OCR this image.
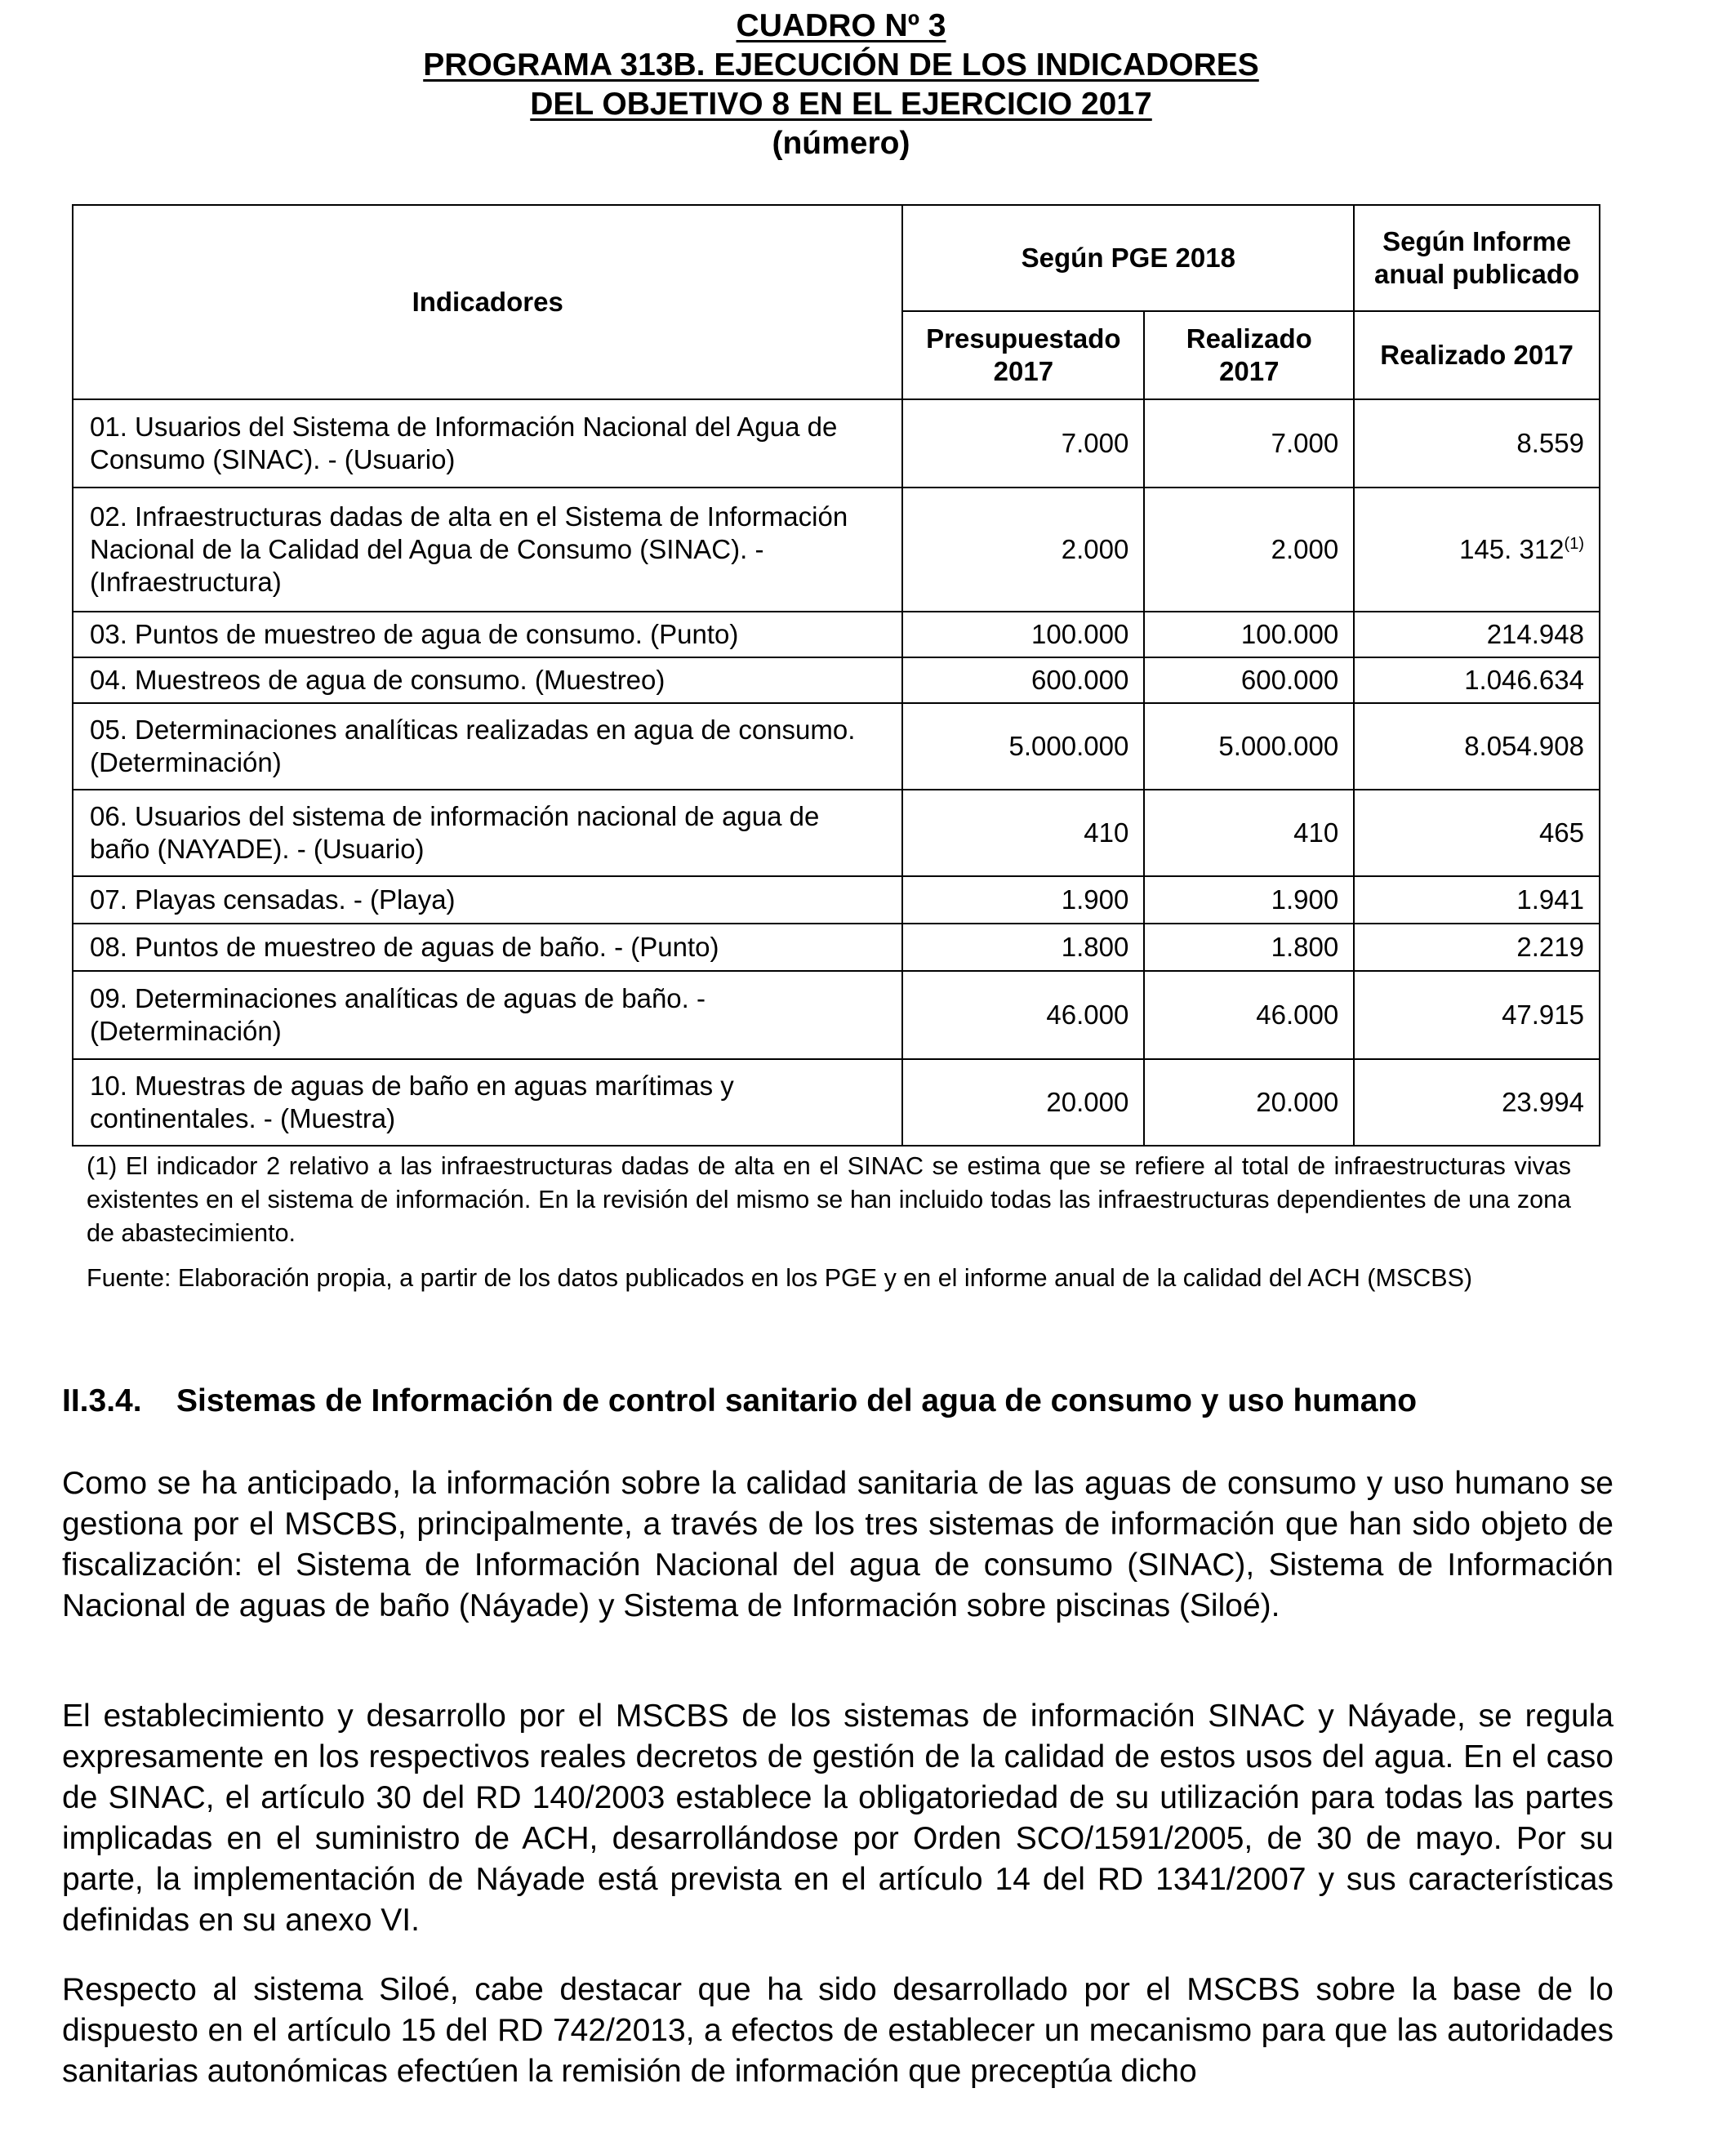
CUADRO Nº 3
PROGRAMA 313B. EJECUCIÓN DE LOS INDICADORES
DEL OBJETIVO 8 EN EL EJERCICIO 2017
(número)
Indicadores	Según PGE 2018		Según Informe anual publicado
	Presupuestado 2017	Realizado 2017	Realizado 2017
01. Usuarios del Sistema de Información Nacional del Agua de Consumo (SINAC). - (Usuario)	7.000	7.000	8.559
02. Infraestructuras dadas de alta en el Sistema de Información Nacional de la Calidad del Agua de Consumo (SINAC). - (Infraestructura)	2.000	2.000	145. 312$^{(1)}$
03. Puntos de muestreo de agua de consumo. (Punto)	100.000	100.000	214.948
04. Muestreos de agua de consumo. (Muestreo)	600.000	600.000	1.046.634
05. Determinaciones analíticas realizadas en agua de consumo. (Determinación)	5.000.000	5.000.000	8.054.908
06. Usuarios del sistema de información nacional de agua de baño (NAYADE). - (Usuario)	410	410	465
07. Playas censadas. - (Playa)	1.900	1.900	1.941
08. Puntos de muestreo de aguas de baño. - (Punto)	1.800	1.800	2.219
09. Determinaciones analíticas de aguas de baño. - (Determinación)	46.000	46.000	47.915
10. Muestras de aguas de baño en aguas marítimas y continentales. - (Muestra)	20.000	20.000	23.994
(1) El indicador 2 relativo a las infraestructuras dadas de alta en el SINAC se estima que se refiere al total de infraestructuras vivas existentes en el sistema de información. En la revisión del mismo se han incluido todas las infraestructuras dependientes de una zona de abastecimiento.
Fuente: Elaboración propia, a partir de los datos publicados en los PGE y en el informe anual de la calidad del ACH (MSCBS)
II.3.4. Sistemas de Información de control sanitario del agua de consumo y uso humano
Como se ha anticipado, la información sobre la calidad sanitaria de las aguas de consumo y uso humano se gestiona por el MSCBS, principalmente, a través de los tres sistemas de información que han sido objeto de fiscalización: el Sistema de Información Nacional del agua de consumo (SINAC), Sistema de Información Nacional de aguas de baño (Náyade) y Sistema de Información sobre piscinas (Siloé).
El establecimiento y desarrollo por el MSCBS de los sistemas de información SINAC y Náyade, se regula expresamente en los respectivos reales decretos de gestión de la calidad de estos usos del agua. En el caso de SINAC, el artículo 30 del RD 140/2003 establece la obligatoriedad de su utilización para todas las partes implicadas en el suministro de ACH, desarrollándose por Orden SCO/1591/2005, de 30 de mayo. Por su parte, la implementación de Náyade está prevista en el artículo 14 del RD 1341/2007 y sus características definidas en su anexo VI.
Respecto al sistema Siloé, cabe destacar que ha sido desarrollado por el MSCBS sobre la base de lo dispuesto en el artículo 15 del RD 742/2013, a efectos de establecer un mecanismo para que las autoridades sanitarias autonómicas efectúen la remisión de información que preceptúa dicho
